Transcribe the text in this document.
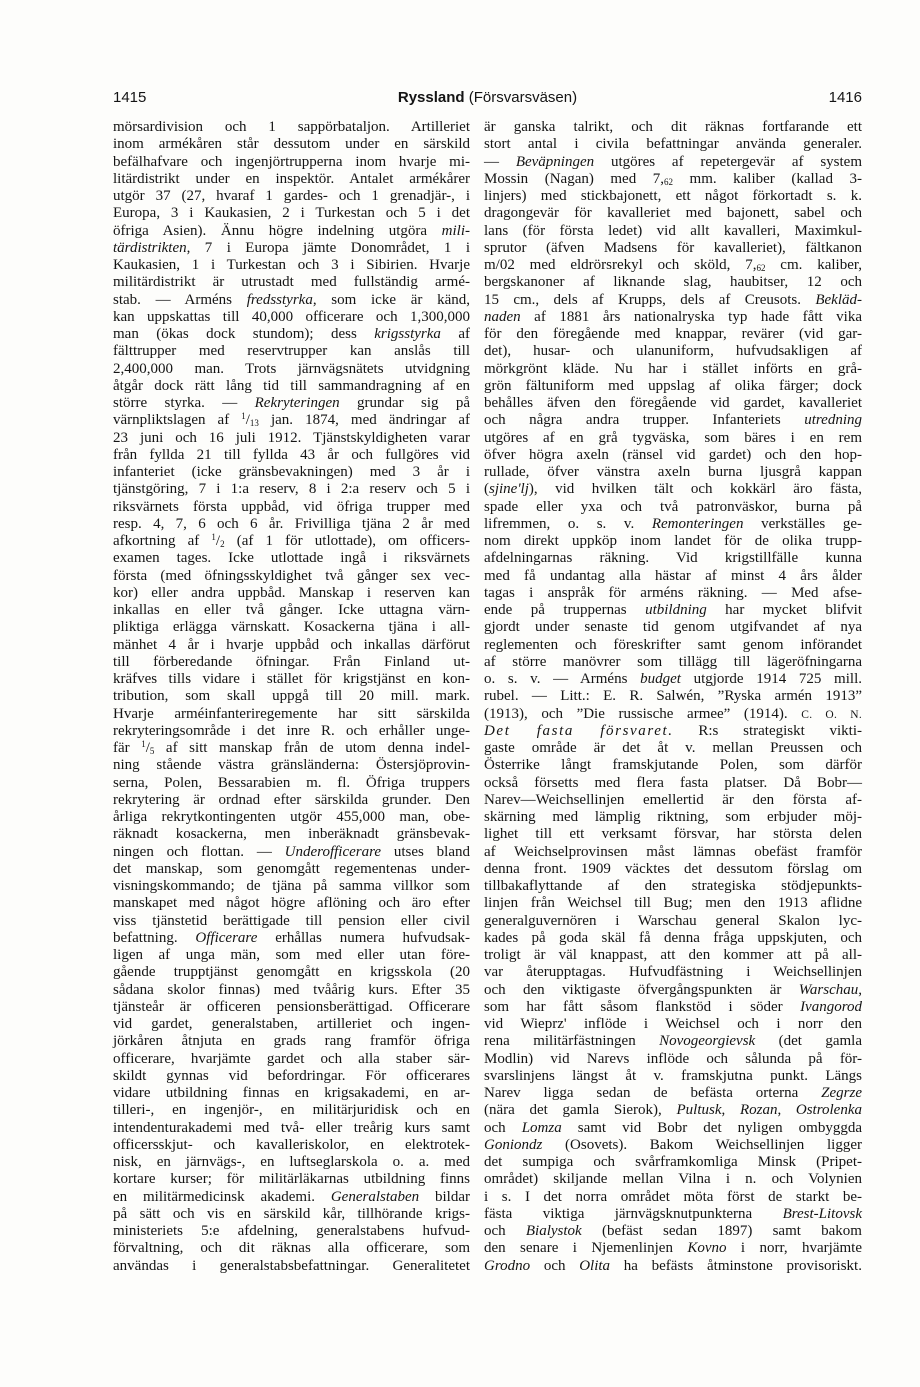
1415	Ryssland (Försvarsväsen)	1416
mörsardivision och 1 sappörbataljon. Artilleriet
inom armékåren står dessutom under en särskild
befälhafvare och ingenjörtrupperna inom hvarje mi-
litärdistrikt under en inspektör. Antalet armékårer
utgör 37 (27, hvaraf 1 gardes- och 1 grenadjär-, i
Europa, 3 i Kaukasien, 2 i Turkestan och 5 i det
öfriga Asien). Ännu högre indelning utgöra mili-
tärdistrikten, 7 i Europa jämte Donområdet, 1 i
Kaukasien, 1 i Turkestan och 3 i Sibirien. Hvarje
militärdistrikt är utrustadt med fullständig armé-
stab. — Arméns fredsstyrka, som icke är känd,
kan uppskattas till 40,000 officerare och 1,300,000
man (ökas dock stundom); dess krigsstyrka af
fälttrupper med reservtrupper kan anslås till
2,400,000 man. Trots järnvägsnätets utvidgning
åtgår dock rätt lång tid till sammandragning af en
större styrka. — Rekryteringen grundar sig på
värnpliktslagen af $^1/_{13}$ jan. 1874, med ändringar af
23 juni och 16 juli 1912. Tjänstskyldigheten varar
från fyllda 21 till fyllda 43 år och fullgöres vid
infanteriet (icke gränsbevakningen) med 3 år i
tjänstgöring, 7 i 1:a reserv, 8 i 2:a reserv och 5 i
riksvärnets första uppbåd, vid öfriga trupper med
resp. 4, 7, 6 och 6 år. Frivilliga tjäna 2 år med
afkortning af $^1/_2$ (af 1 för utlottade), om officers-
examen tages. Icke utlottade ingå i riksvärnets
första (med öfningsskyldighet två gånger sex vec-
kor) eller andra uppbåd. Manskap i reserven kan
inkallas en eller två gånger. Icke uttagna värn-
pliktiga erlägga värnskatt. Kosackerna tjäna i all-
mänhet 4 år i hvarje uppbåd och inkallas därförut
till förberedande öfningar. Från Finland ut-
kräfves tills vidare i stället för krigstjänst en kon-
tribution, som skall uppgå till 20 mill. mark.
Hvarje arméinfanteriregemente har sitt särskilda
rekryteringsområde i det inre R. och erhåller unge-
fär $^1/_5$ af sitt manskap från de utom denna indel-
ning stående västra gränsländerna: Östersjöprovin-
serna, Polen, Bessarabien m. fl. Öfriga truppers
rekrytering är ordnad efter särskilda grunder. Den
årliga rekrytkontingenten utgör 455,000 man, obe-
räknadt kosackerna, men inberäknadt gränsbevak-
ningen och flottan. — Underofficerare utses bland
det manskap, som genomgått regementenas under-
visningskommando; de tjäna på samma villkor som
manskapet med något högre aflöning och äro efter
viss tjänstetid berättigade till pension eller civil
befattning. Officerare erhållas numera hufvudsak-
ligen af unga män, som med eller utan före-
gående trupptjänst genomgått en krigsskola (20
sådana skolor finnas) med tvåårig kurs. Efter 35
tjänsteår är officeren pensionsberättigad. Officerare
vid gardet, generalstaben, artilleriet och ingen-
jörkåren åtnjuta en grads rang framför öfriga
officerare, hvarjämte gardet och alla staber sär-
skildt gynnas vid befordringar. För officerares
vidare utbildning finnas en krigsakademi, en ar-
tilleri-, en ingenjör-, en militärjuridisk och en
intendenturakademi med två- eller treårig kurs samt
officersskjut- och kavalleriskolor, en elektrotek-
nisk, en järnvägs-, en luftseglarskola o. a. med
kortare kurser; för militärläkarnas utbildning finns
en militärmedicinsk akademi. Generalstaben bildar
på sätt och vis en särskild kår, tillhörande krigs-
ministeriets 5:e afdelning, generalstabens hufvud-
förvaltning, och dit räknas alla officerare, som
användas i generalstabsbefattningar. Generalitetet
är ganska talrikt, och dit räknas fortfarande ett
stort antal i civila befattningar använda generaler.
— Beväpningen utgöres af repetergevär af system
Mossin (Nagan) med $7,_{62}$ mm. kaliber (kallad 3-
linjers) med stickbajonett, ett något förkortadt s. k.
dragongevär för kavalleriet med bajonett, sabel och
lans (för första ledet) vid allt kavalleri, Maximkul-
sprutor (äfven Madsens för kavalleriet), fältkanon
m/02 med eldrörsrekyl och sköld, $7,_{62}$ cm. kaliber,
bergskanoner af liknande slag, haubitser, 12 och
15 cm., dels af Krupps, dels af Creusots. Bekläd-
naden af 1881 års nationalryska typ hade fått vika
för den föregående med knappar, revärer (vid gar-
det), husar- och ulanuniform, hufvudsakligen af
mörkgrönt kläde. Nu har i stället införts en grå-
grön fältuniform med uppslag af olika färger; dock
behålles äfven den föregående vid gardet, kavalleriet
och några andra trupper. Infanteriets utredning
utgöres af en grå tygväska, som bäres i en rem
öfver högra axeln (ränsel vid gardet) och den hop-
rullade, öfver vänstra axeln burna ljusgrå kappan
(sjine'lj), vid hvilken tält och kokkärl äro fästa,
spade eller yxa och två patronväskor, burna på
lifremmen, o. s. v. Remonteringen verkställes ge-
nom direkt uppköp inom landet för de olika trupp-
afdelningarnas räkning. Vid krigstillfälle kunna
med få undantag alla hästar af minst 4 års ålder
tagas i anspråk för arméns räkning. — Med afse-
ende på truppernas utbildning har mycket blifvit
gjordt under senaste tid genom utgifvandet af nya
reglementen och föreskrifter samt genom införandet
af större manövrer som tillägg till lägeröfningarna
o. s. v. — Arméns budget utgjorde 1914 725 mill.
rubel. — Litt.: E. R. Salwén, ”Ryska armén 1913”
(1913), och ”Die russische armee” (1914). C. O. N.
Det fasta försvaret. R:s strategiskt vikti-
gaste område är det åt v. mellan Preussen och
Österrike långt framskjutande Polen, som därför
också försetts med flera fasta platser. Då Bobr—
Narev—Weichsellinjen emellertid är den första af-
skärning med lämplig riktning, som erbjuder möj-
lighet till ett verksamt försvar, har största delen
af Weichselprovinsen måst lämnas obefäst framför
denna front. 1909 väcktes det dessutom förslag om
tillbakaflyttande af den strategiska stödjepunkts-
linjen från Weichsel till Bug; men den 1913 aflidne
generalguvernören i Warschau general Skalon lyc-
kades på goda skäl få denna fråga uppskjuten, och
troligt är väl knappast, att den kommer att på all-
var återupptagas. Hufvudfästning i Weichsellinjen
och den viktigaste öfvergångspunkten är Warschau,
som har fått såsom flankstöd i söder Ivangorod
vid Wieprz' inflöde i Weichsel och i norr den
rena militärfästningen Novogeorgievsk (det gamla
Modlin) vid Narevs inflöde och sålunda på för-
svarslinjens längst åt v. framskjutna punkt. Längs
Narev ligga sedan de befästa orterna Zegrze
(nära det gamla Sierok), Pultusk, Rozan, Ostrolenka
och Lomza samt vid Bobr det nyligen ombyggda
Goniondz (Osovets). Bakom Weichsellinjen ligger
det sumpiga och svårframkomliga Minsk (Pripet-
området) skiljande mellan Vilna i n. och Volynien
i s. I det norra området möta först de starkt be-
fästa viktiga järnvägsknutpunkterna Brest-Litovsk
och Bialystok (befäst sedan 1897) samt bakom
den senare i Njemenlinjen Kovno i norr, hvarjämte
Grodno och Olita ha befästs åtminstone provisoriskt.
